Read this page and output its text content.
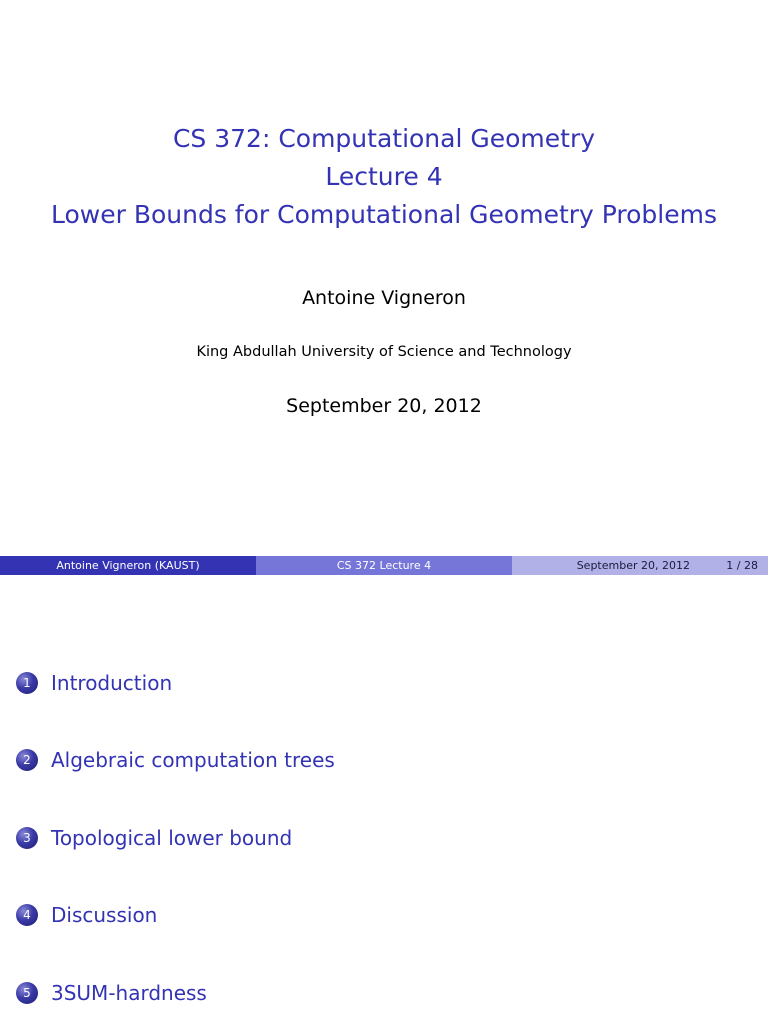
CS 372: Computational Geometry
Lecture 4
Lower Bounds for Computational Geometry Problems
Antoine Vigneron
King Abdullah University of Science and Technology
September 20, 2012
Antoine Vigneron (KAUST)	CS 372 Lecture 4	September 20, 2012	1 / 28
1	Introduction
2	Algebraic computation trees
3	Topological lower bound
4	Discussion
5	3SUM-hardness
